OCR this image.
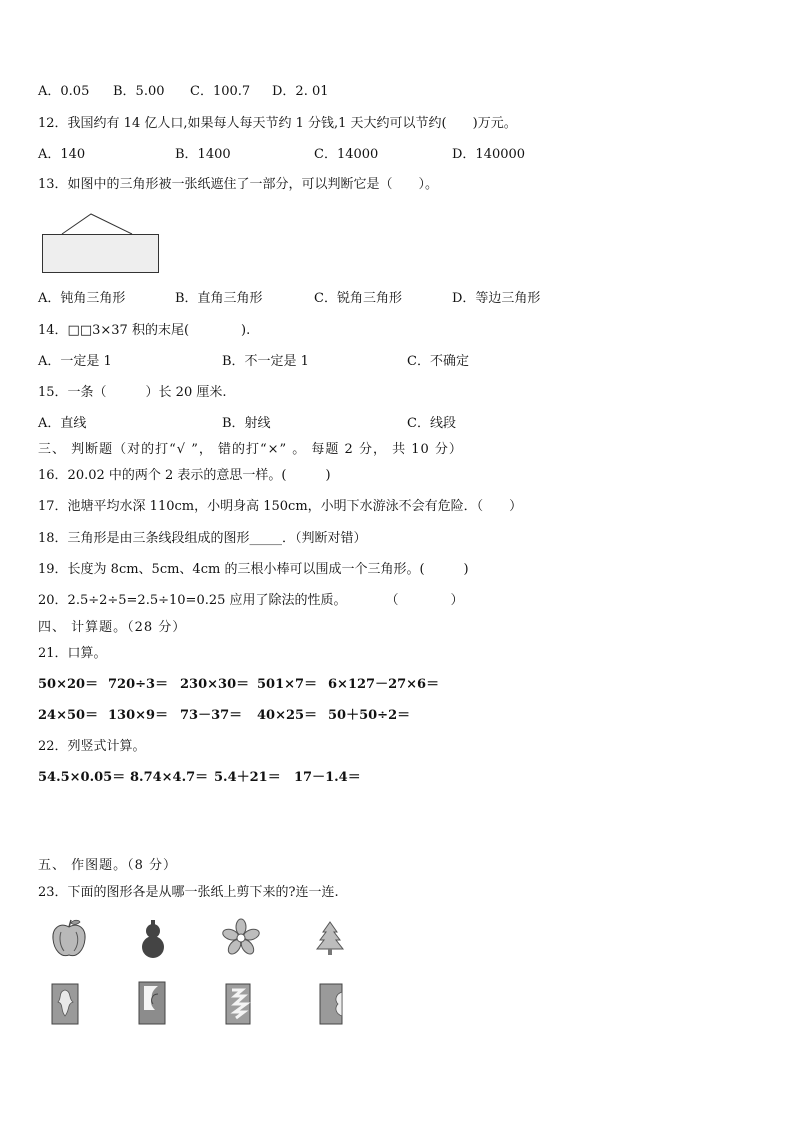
A．0.05 B．5.00 C．100.7 D．2. 01
12．我国约有 14 亿人口,如果每人每天节约 1 分钱,1 天大约可以节约(　　)万元。
A．140	B．1400	C．14000	D．140000
13．如图中的三角形被一张纸遮住了一部分，可以判断它是（　　）。
A．钝角三角形	B．直角三角形	C．锐角三角形	D．等边三角形
14．□□3×37 积的末尾(　　　　).
A．一定是 1	B．不一定是 1	C．不确定
15．一条（　　　）长 20 厘米.
A．直线	B．射线	C．线段
三、 判断题（对的打“√ ”， 错的打“×” 。 每题 2 分， 共 10 分）
16．20.02 中的两个 2 表示的意思一样。(　　　)
17．池塘平均水深 110cm，小明身高 150cm，小明下水游泳不会有危险．（　　）
18．三角形是由三条线段组成的图形_____．（判断对错）
19．长度为 8cm、5cm、4cm 的三根小棒可以围成一个三角形。(　　　)
20．2.5÷2÷5=2.5÷10=0.25 应用了除法的性质。　　　　（　　　　）
四、 计算题。（28 分）
21．口算。
50×20＝ 720÷3＝ 230×30＝ 501×7＝ 6×127－27×6＝
24×50＝ 130×9＝ 73－37＝ 40×25＝ 50＋50÷2＝
22．列竖式计算。
54.5×0.05＝ 8.74×4.7＝ 5.4＋21＝ 17－1.4＝
五、 作图题。（8 分）
23．下面的图形各是从哪一张纸上剪下来的?连一连.
